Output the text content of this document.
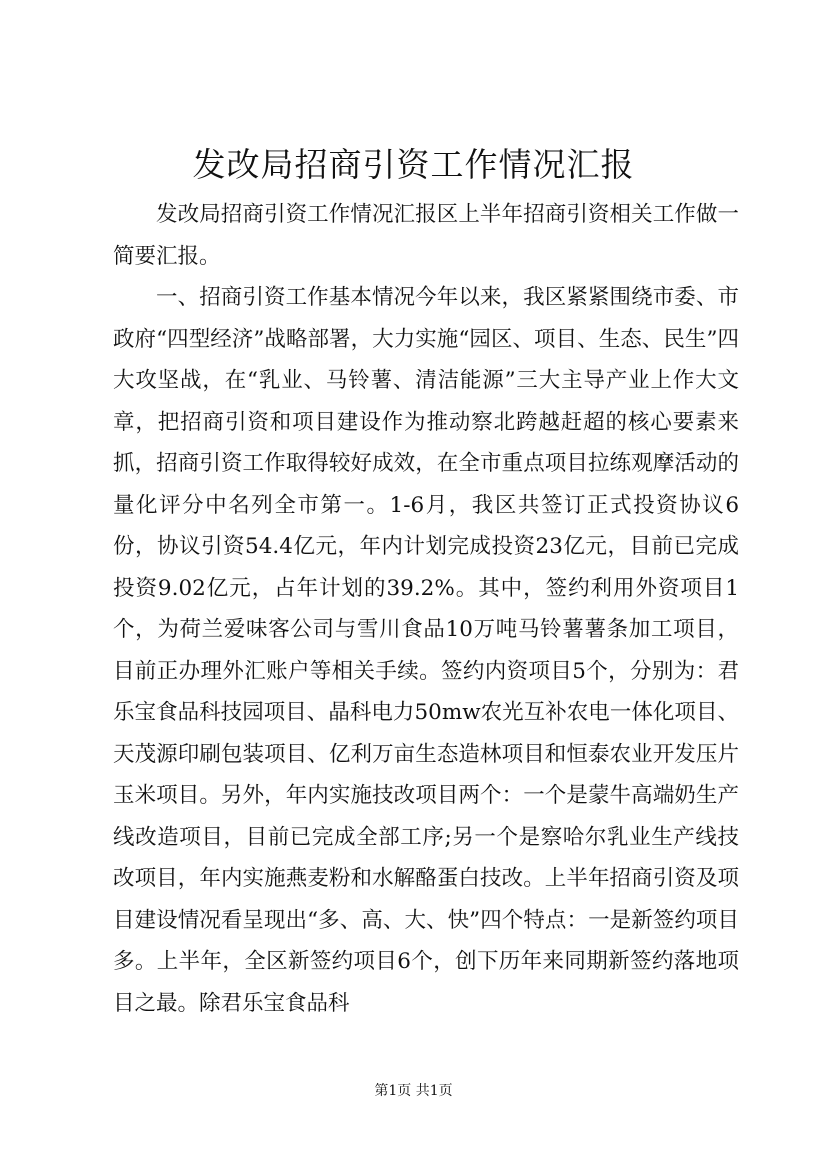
发改局招商引资工作情况汇报

发改局招商引资工作情况汇报区上半年招商引资相关工作做一简要汇报。

一、招商引资工作基本情况今年以来，我区紧紧围绕市委、市政府“四型经济”战略部署，大力实施“园区、项目、生态、民生”四大攻坚战，在“乳业、马铃薯、清洁能源”三大主导产业上作大文章，把招商引资和项目建设作为推动察北跨越赶超的核心要素来抓，招商引资工作取得较好成效，在全市重点项目拉练观摩活动的量化评分中名列全市第一。1-6月，我区共签订正式投资协议6份，协议引资54.4亿元，年内计划完成投资23亿元，目前已完成投资9.02亿元，占年计划的39.2%。其中，签约利用外资项目1个，为荷兰爱味客公司与雪川食品10万吨马铃薯薯条加工项目，目前正办理外汇账户等相关手续。签约内资项目5个，分别为：君乐宝食品科技园项目、晶科电力50mw农光互补农电一体化项目、天茂源印刷包装项目、亿利万亩生态造林项目和恒泰农业开发压片玉米项目。另外，年内实施技改项目两个：一个是蒙牛高端奶生产线改造项目，目前已完成全部工序;另一个是察哈尔乳业生产线技改项目，年内实施燕麦粉和水解酪蛋白技改。上半年招商引资及项目建设情况看呈现出“多、高、大、快”四个特点：一是新签约项目多。上半年，全区新签约项目6个，创下历年来同期新签约落地项目之最。除君乐宝食品科

第1页 共1页
